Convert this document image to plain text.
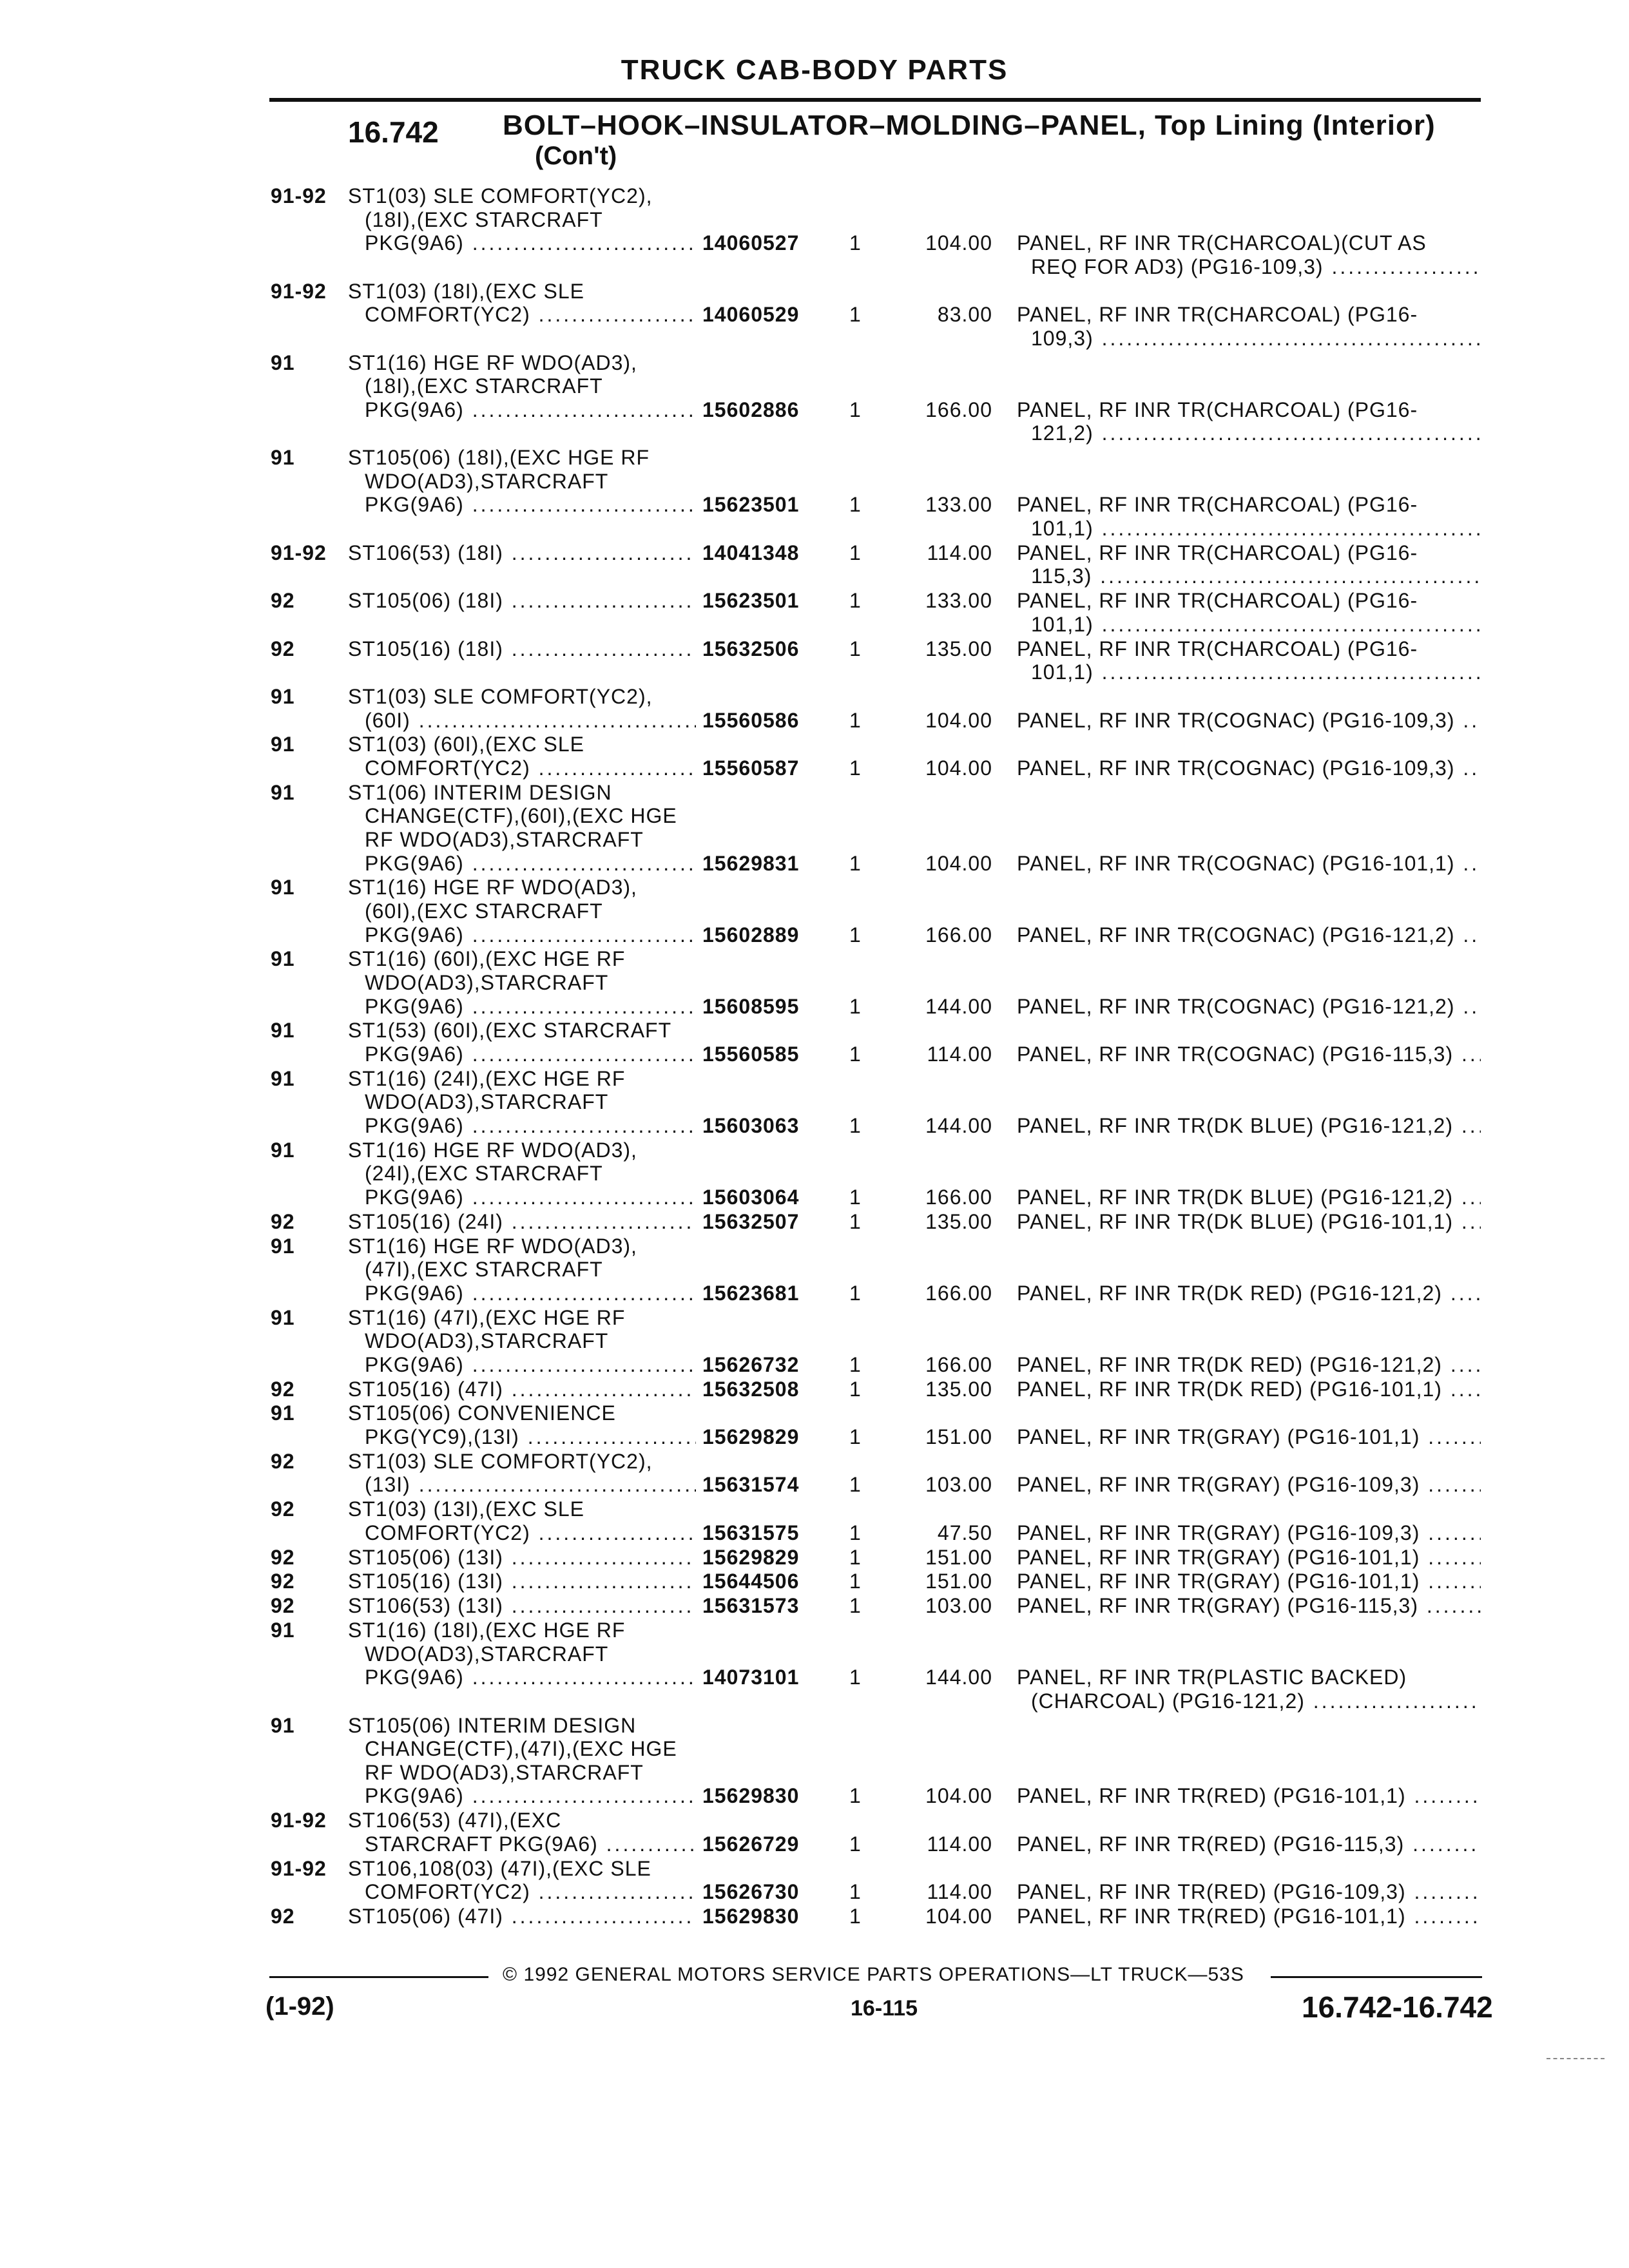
TRUCK CAB-BODY PARTS
16.742 BOLT–HOOK–INSULATOR–MOLDING–PANEL, Top Lining (Interior)
(Con't)
91-92	ST1(03) SLE COMFORT(YC2),
(18I),(EXC STARCRAFT
PKG(9A6) .....	14060527 1	104.00 PANEL, RF INR TR(CHARCOAL)(CUT AS
REQ FOR AD3) (PG16-109,3) .....
91-92	ST1(03) (18I),(EXC SLE
COMFORT(YC2) .....	14060529 1	83.00 PANEL, RF INR TR(CHARCOAL) (PG16-
109,3) .....
91	ST1(16) HGE RF WDO(AD3),
(18I),(EXC STARCRAFT
PKG(9A6) .....	15602886 1	166.00 PANEL, RF INR TR(CHARCOAL) (PG16-
121,2) .....
91	ST105(06) (18I),(EXC HGE RF
WDO(AD3),STARCRAFT
PKG(9A6) .....	15623501 1	133.00 PANEL, RF INR TR(CHARCOAL) (PG16-
101,1) .....
91-92	ST106(53) (18I) .....	14041348 1	114.00 PANEL, RF INR TR(CHARCOAL) (PG16-
115,3) .....
92	ST105(06) (18I) .....	15623501 1	133.00 PANEL, RF INR TR(CHARCOAL) (PG16-
101,1) .....
92	ST105(16) (18I) .....	15632506 1	135.00 PANEL, RF INR TR(CHARCOAL) (PG16-
101,1) .....
91	ST1(03) SLE COMFORT(YC2),
(60I) .....	15560586 1	104.00 PANEL, RF INR TR(COGNAC) (PG16-109,3) .....
91	ST1(03) (60I),(EXC SLE
COMFORT(YC2) .....	15560587 1	104.00 PANEL, RF INR TR(COGNAC) (PG16-109,3) .....
91	ST1(06) INTERIM DESIGN
CHANGE(CTF),(60I),(EXC HGE
RF WDO(AD3),STARCRAFT
PKG(9A6) .....	15629831 1	104.00 PANEL, RF INR TR(COGNAC) (PG16-101,1) .....
91	ST1(16) HGE RF WDO(AD3),
(60I),(EXC STARCRAFT
PKG(9A6) .....	15602889 1	166.00 PANEL, RF INR TR(COGNAC) (PG16-121,2) .....
91	ST1(16) (60I),(EXC HGE RF
WDO(AD3),STARCRAFT
PKG(9A6) .....	15608595 1	144.00 PANEL, RF INR TR(COGNAC) (PG16-121,2) .....
91	ST1(53) (60I),(EXC STARCRAFT
PKG(9A6) .....	15560585 1	114.00 PANEL, RF INR TR(COGNAC) (PG16-115,3) .....
91	ST1(16) (24I),(EXC HGE RF
WDO(AD3),STARCRAFT
PKG(9A6) .....	15603063 1	144.00 PANEL, RF INR TR(DK BLUE) (PG16-121,2) .....
91	ST1(16) HGE RF WDO(AD3),
(24I),(EXC STARCRAFT
PKG(9A6) .....	15603064 1	166.00 PANEL, RF INR TR(DK BLUE) (PG16-121,2) .....
92	ST105(16) (24I) .....	15632507 1	135.00 PANEL, RF INR TR(DK BLUE) (PG16-101,1) .....
91	ST1(16) HGE RF WDO(AD3),
(47I),(EXC STARCRAFT
PKG(9A6) .....	15623681 1	166.00 PANEL, RF INR TR(DK RED) (PG16-121,2) .....
91	ST1(16) (47I),(EXC HGE RF
WDO(AD3),STARCRAFT
PKG(9A6) .....	15626732 1	166.00 PANEL, RF INR TR(DK RED) (PG16-121,2) .....
92	ST105(16) (47I) .....	15632508 1	135.00 PANEL, RF INR TR(DK RED) (PG16-101,1) .....
91	ST105(06) CONVENIENCE
PKG(YC9),(13I) .....	15629829 1	151.00 PANEL, RF INR TR(GRAY) (PG16-101,1) .....
92	ST1(03) SLE COMFORT(YC2),
(13I) .....	15631574 1	103.00 PANEL, RF INR TR(GRAY) (PG16-109,3) .....
92	ST1(03) (13I),(EXC SLE
COMFORT(YC2) .....	15631575 1	47.50 PANEL, RF INR TR(GRAY) (PG16-109,3) .....
92	ST105(06) (13I) .....	15629829 1	151.00 PANEL, RF INR TR(GRAY) (PG16-101,1) .....
92	ST105(16) (13I) .....	15644506 1	151.00 PANEL, RF INR TR(GRAY) (PG16-101,1) .....
92	ST106(53) (13I) .....	15631573 1	103.00 PANEL, RF INR TR(GRAY) (PG16-115,3) .....
91	ST1(16) (18I),(EXC HGE RF
WDO(AD3),STARCRAFT
PKG(9A6) .....	14073101 1	144.00 PANEL, RF INR TR(PLASTIC BACKED)
(CHARCOAL) (PG16-121,2) .....
91	ST105(06) INTERIM DESIGN
CHANGE(CTF),(47I),(EXC HGE
RF WDO(AD3),STARCRAFT
PKG(9A6) .....	15629830 1	104.00 PANEL, RF INR TR(RED) (PG16-101,1) .....
91-92	ST106(53) (47I),(EXC
STARCRAFT PKG(9A6) .....	15626729 1	114.00 PANEL, RF INR TR(RED) (PG16-115,3) .....
91-92	ST106,108(03) (47I),(EXC SLE
COMFORT(YC2) .....	15626730 1	114.00 PANEL, RF INR TR(RED) (PG16-109,3) .....
92	ST105(06) (47I) .....	15629830 1	104.00 PANEL, RF INR TR(RED) (PG16-101,1) .....
© 1992 GENERAL MOTORS SERVICE PARTS OPERATIONS—LT TRUCK—53S
(1-92)	16-115	16.742-16.742
